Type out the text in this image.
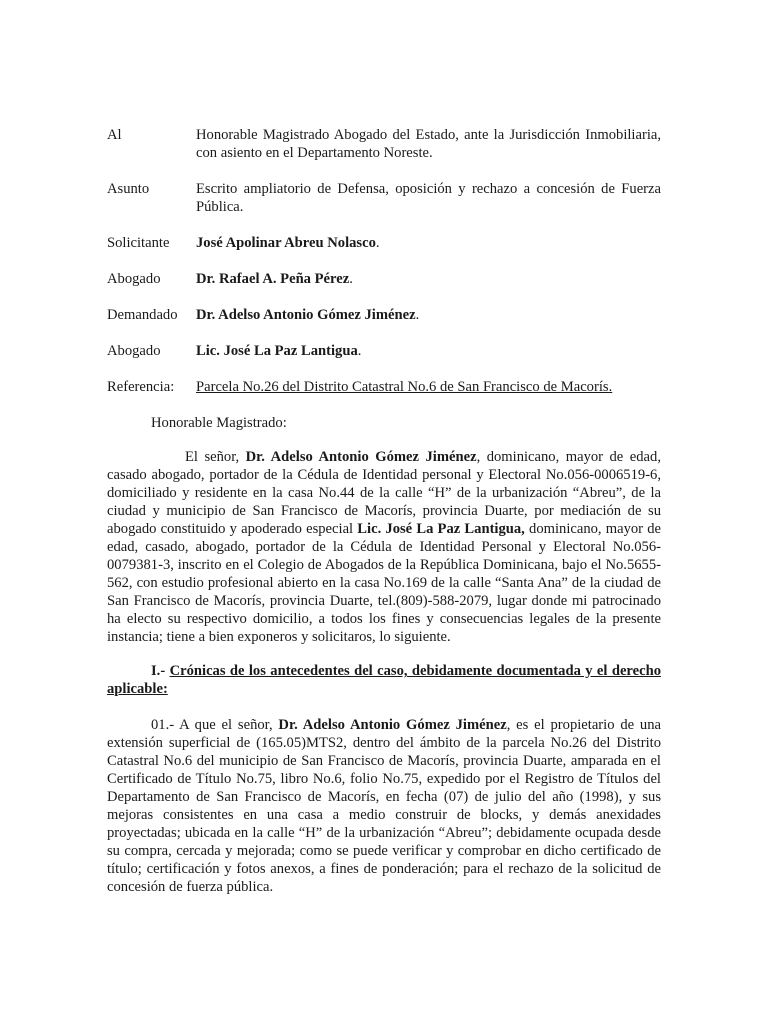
Al	Honorable Magistrado Abogado del Estado, ante la Jurisdicción Inmobiliaria, con asiento en el Departamento Noreste.
Asunto	Escrito ampliatorio de Defensa, oposición y rechazo a concesión de Fuerza Pública.
Solicitante	José Apolinar Abreu Nolasco.
Abogado	Dr. Rafael A. Peña Pérez.
Demandado	Dr. Adelso Antonio Gómez Jiménez.
Abogado	Lic. José La Paz Lantigua.
Referencia:	Parcela No.26 del Distrito Catastral No.6 de San Francisco de Macorís.
Honorable Magistrado:

El señor, Dr. Adelso Antonio Gómez Jiménez, dominicano, mayor de edad, casado abogado, portador de la Cédula de Identidad personal y Electoral No.056-0006519-6, domiciliado y residente en la casa No.44 de la calle “H” de la urbanización “Abreu”, de la ciudad y municipio de San Francisco de Macorís, provincia Duarte, por mediación de su abogado constituido y apoderado especial Lic. José La Paz Lantigua, dominicano, mayor de edad, casado, abogado, portador de la Cédula de Identidad Personal y Electoral No.056-0079381-3, inscrito en el Colegio de Abogados de la República Dominicana, bajo el No.5655-562, con estudio profesional abierto en la casa No.169 de la calle “Santa Ana” de la ciudad de San Francisco de Macorís, provincia Duarte, tel.(809)-588-2079, lugar donde mi patrocinado ha electo su respectivo domicilio, a todos los fines y consecuencias legales de la presente instancia; tiene a bien exponeros y solicitaros, lo siguiente.

I.- Crónicas de los antecedentes del caso, debidamente documentada y el derecho aplicable:

01.- A que el señor, Dr. Adelso Antonio Gómez Jiménez, es el propietario de una extensión superficial de (165.05)MTS2, dentro del ámbito de la parcela No.26 del Distrito Catastral No.6 del municipio de San Francisco de Macorís, provincia Duarte, amparada en el Certificado de Título No.75, libro No.6, folio No.75, expedido por el Registro de Títulos del Departamento de San Francisco de Macorís, en fecha (07) de julio del año (1998), y sus mejoras consistentes en una casa a medio construir de blocks, y demás anexidades proyectadas; ubicada en la calle “H” de la urbanización “Abreu”; debidamente ocupada desde su compra, cercada y mejorada; como se puede verificar y comprobar en dicho certificado de título; certificación y fotos anexos, a fines de ponderación; para el rechazo de la solicitud de concesión de fuerza pública.
